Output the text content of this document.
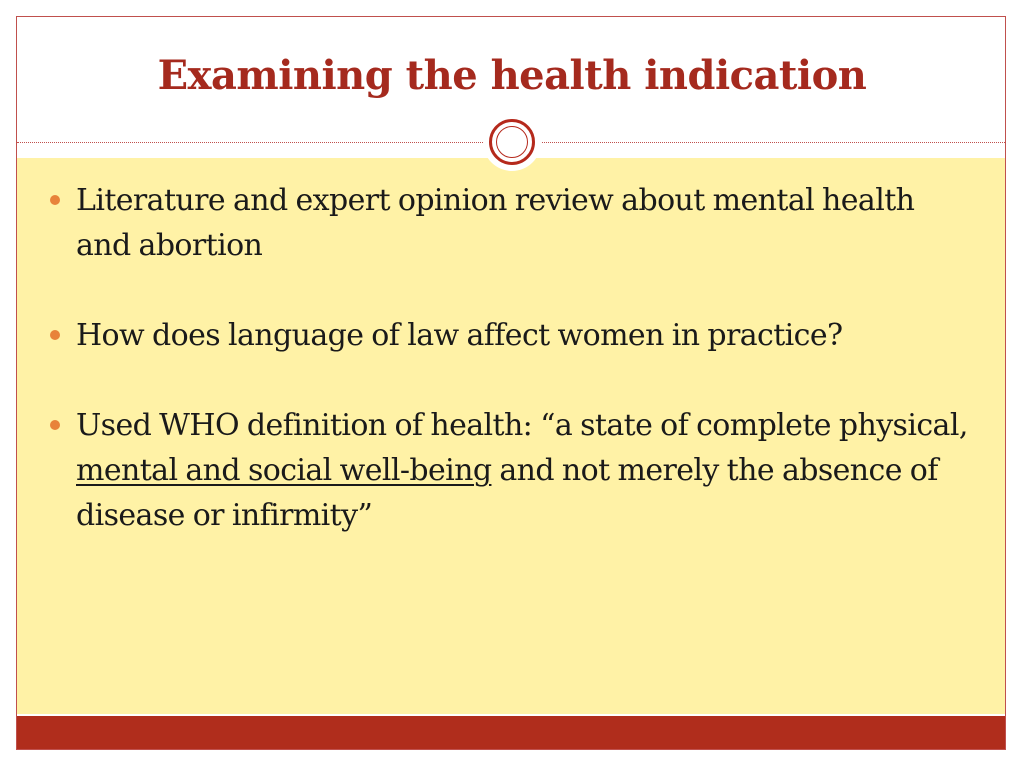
Examining the health indication
Literature and expert opinion review about mental health and abortion
How does language of law affect women in practice?
Used WHO definition of health: “a state of complete physical, mental and social well-being and not merely the absence of disease or infirmity”
